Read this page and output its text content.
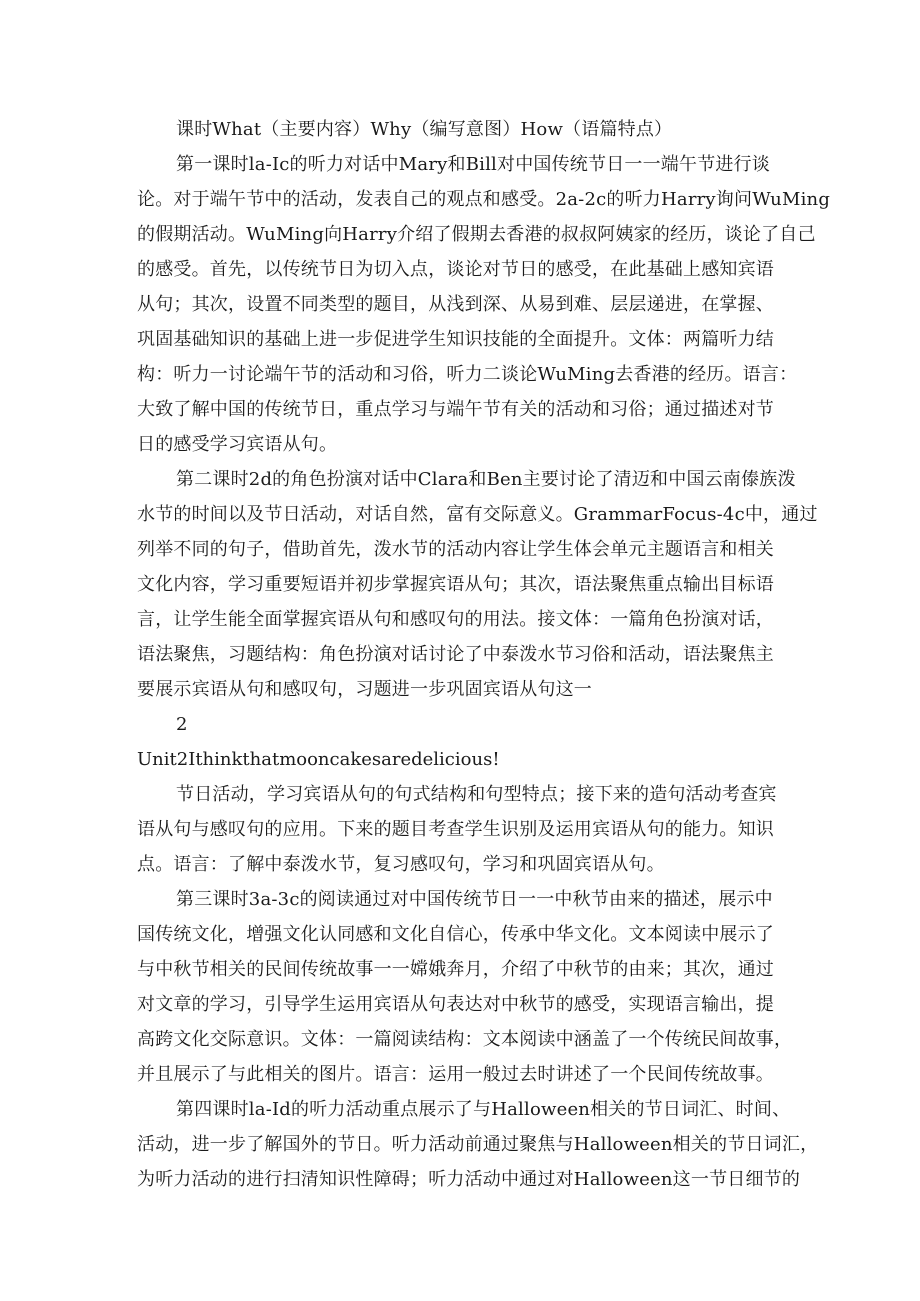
课时What（主要内容）Why（编写意图）How（语篇特点）
第一课时la-Ic的听力对话中Mary和Bill对中国传统节日一一端午节进行谈
论。对于端午节中的活动，发表自己的观点和感受。2a-2c的听力Harry询问WuMing
的假期活动。WuMing向Harry介绍了假期去香港的叔叔阿姨家的经历，谈论了自己
的感受。首先，以传统节日为切入点，谈论对节日的感受，在此基础上感知宾语
从句；其次，设置不同类型的题目，从浅到深、从易到难、层层递进，在掌握、
巩固基础知识的基础上进一步促进学生知识技能的全面提升。文体：两篇听力结
构：听力一讨论端午节的活动和习俗，听力二谈论WuMing去香港的经历。语言：
大致了解中国的传统节日，重点学习与端午节有关的活动和习俗；通过描述对节
日的感受学习宾语从句。
第二课时2d的角色扮演对话中Clara和Ben主要讨论了清迈和中国云南傣族泼
水节的时间以及节日活动，对话自然，富有交际意义。GrammarFocus-4c中，通过
列举不同的句子，借助首先，泼水节的活动内容让学生体会单元主题语言和相关
文化内容，学习重要短语并初步掌握宾语从句；其次，语法聚焦重点输出目标语
言，让学生能全面掌握宾语从句和感叹句的用法。接文体：一篇角色扮演对话，
语法聚焦，习题结构：角色扮演对话讨论了中泰泼水节习俗和活动，语法聚焦主
要展示宾语从句和感叹句，习题进一步巩固宾语从句这一
2
Unit2Ithinkthatmooncakesaredelicious!
节日活动，学习宾语从句的句式结构和句型特点；接下来的造句活动考查宾
语从句与感叹句的应用。下来的题目考查学生识别及运用宾语从句的能力。知识
点。语言：了解中泰泼水节，复习感叹句，学习和巩固宾语从句。
第三课时3a-3c的阅读通过对中国传统节日一一中秋节由来的描述，展示中
国传统文化，增强文化认同感和文化自信心，传承中华文化。文本阅读中展示了
与中秋节相关的民间传统故事一一嫦娥奔月，介绍了中秋节的由来；其次，通过
对文章的学习，引导学生运用宾语从句表达对中秋节的感受，实现语言输出，提
高跨文化交际意识。文体：一篇阅读结构：文本阅读中涵盖了一个传统民间故事，
并且展示了与此相关的图片。语言：运用一般过去时讲述了一个民间传统故事。
第四课时la-Id的听力活动重点展示了与Halloween相关的节日词汇、时间、
活动，进一步了解国外的节日。听力活动前通过聚焦与Halloween相关的节日词汇，
为听力活动的进行扫清知识性障碍；听力活动中通过对Halloween这一节日细节的
